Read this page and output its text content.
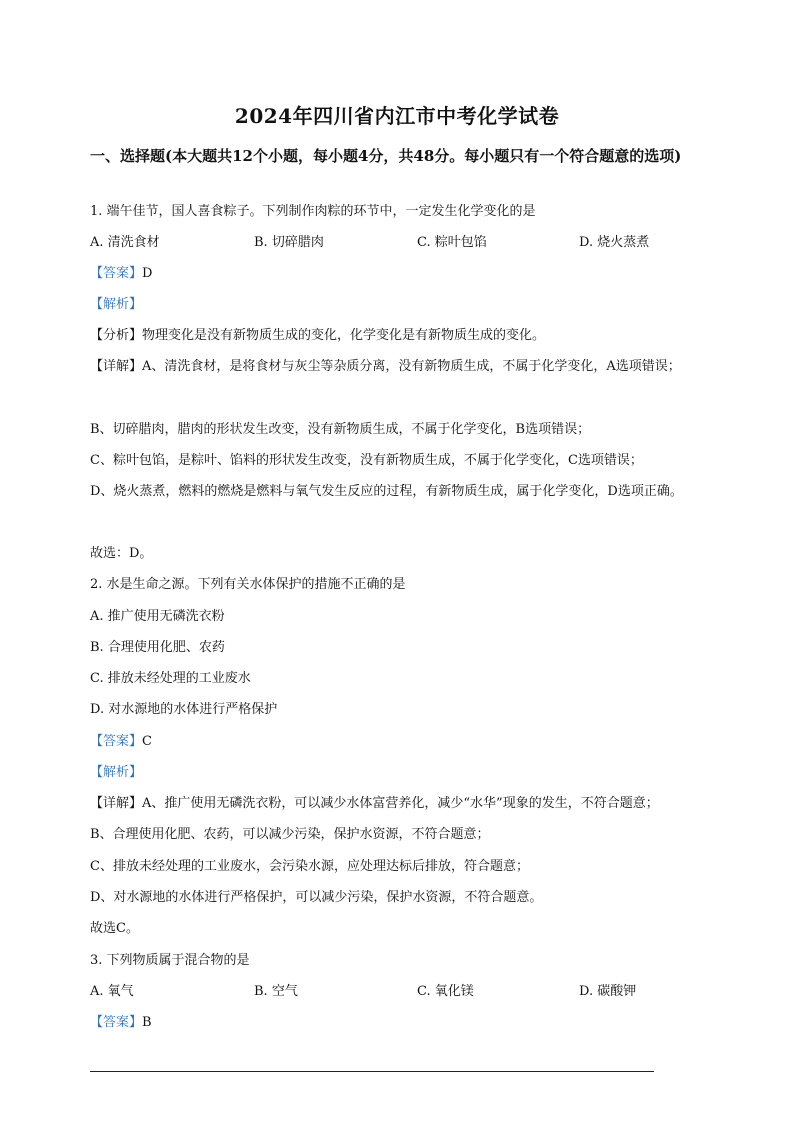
2024年四川省内江市中考化学试卷
一、选择题(本大题共12个小题，每小题4分，共48分。每小题只有一个符合题意的选项)
1. 端午佳节，国人喜食粽子。下列制作肉粽的环节中，一定发生化学变化的是
A. 清洗食材	B. 切碎腊肉	C. 粽叶包馅	D. 烧火蒸煮
【答案】D
【解析】
【分析】物理变化是没有新物质生成的变化，化学变化是有新物质生成的变化。
【详解】A、清洗食材，是将食材与灰尘等杂质分离，没有新物质生成，不属于化学变化，A选项错误；
B、切碎腊肉，腊肉的形状发生改变，没有新物质生成，不属于化学变化，B选项错误；
C、粽叶包馅，是粽叶、馅料的形状发生改变，没有新物质生成，不属于化学变化，C选项错误；
D、烧火蒸煮，燃料的燃烧是燃料与氧气发生反应的过程，有新物质生成，属于化学变化，D选项正确。
故选：D。
2. 水是生命之源。下列有关水体保护的措施不正确的是
A. 推广使用无磷洗衣粉
B. 合理使用化肥、农药
C. 排放未经处理的工业废水
D. 对水源地的水体进行严格保护
【答案】C
【解析】
【详解】A、推广使用无磷洗衣粉，可以减少水体富营养化，减少“水华”现象的发生，不符合题意；
B、合理使用化肥、农药，可以减少污染，保护水资源，不符合题意；
C、排放未经处理的工业废水，会污染水源，应处理达标后排放，符合题意；
D、对水源地的水体进行严格保护，可以减少污染，保护水资源，不符合题意。
故选C。
3. 下列物质属于混合物的是
A. 氧气	B. 空气	C. 氧化镁	D. 碳酸钾
【答案】B
